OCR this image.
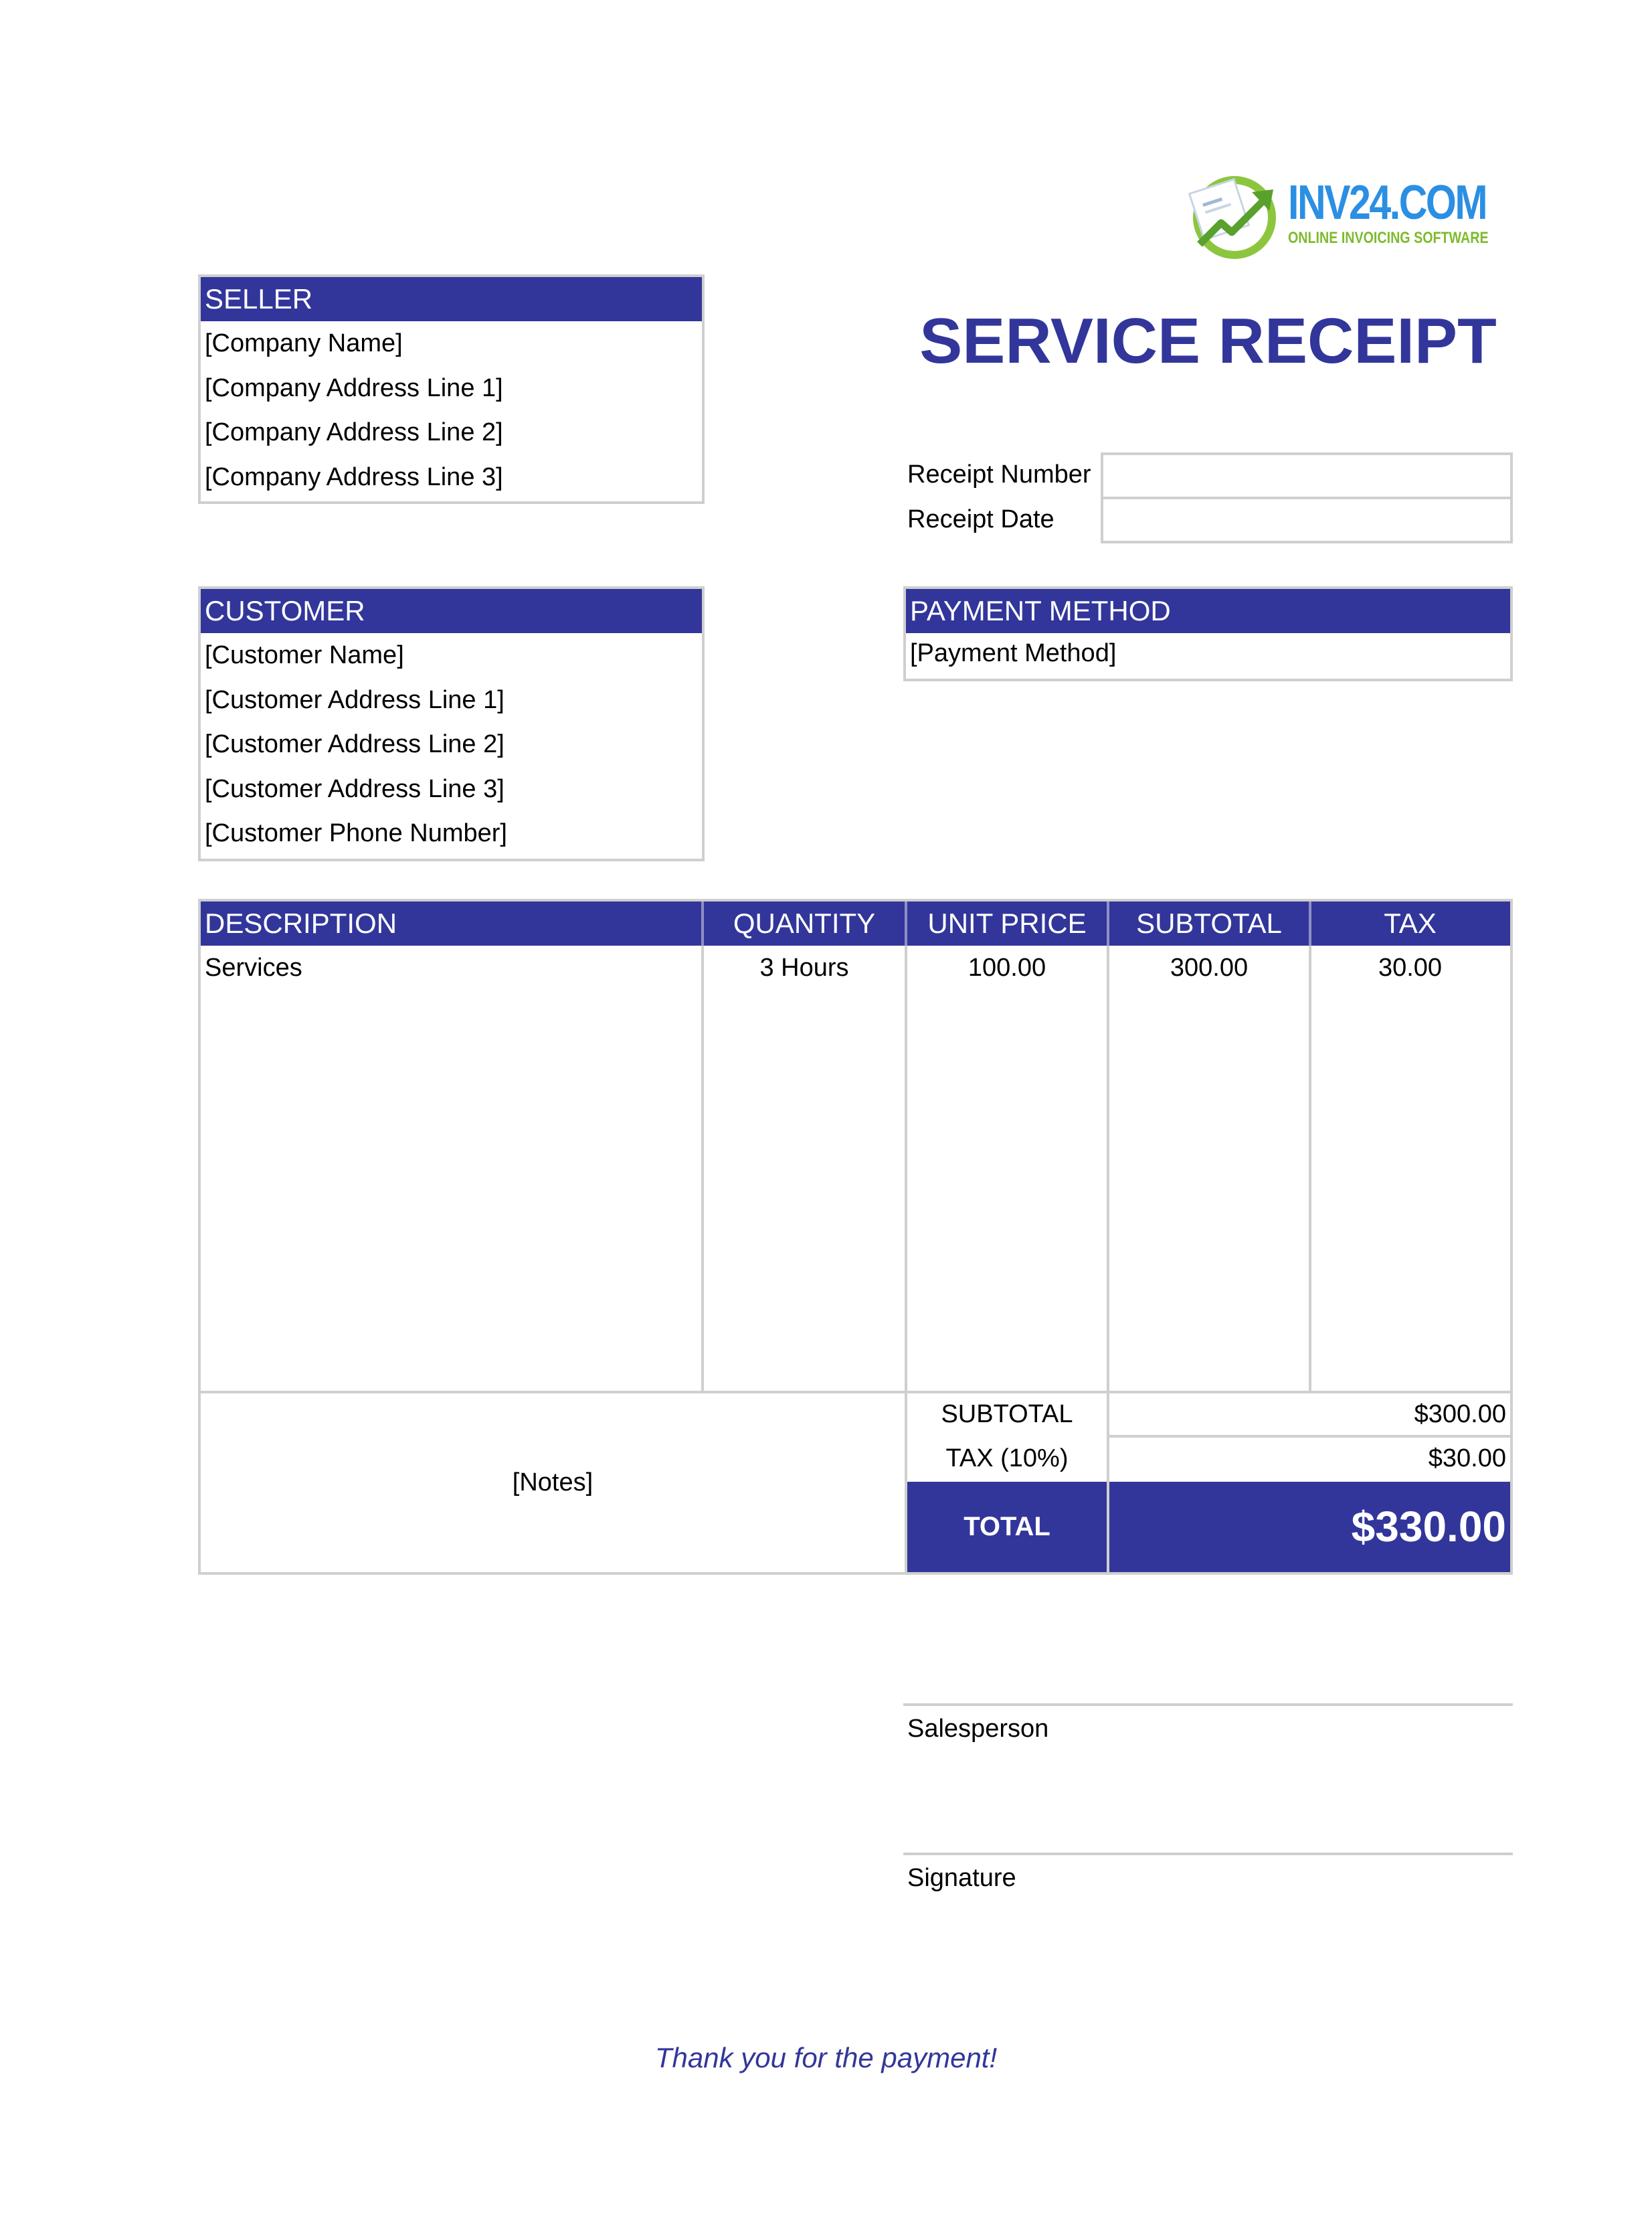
INV24.COM
ONLINE INVOICING SOFTWARE
SERVICE RECEIPT
SELLER
[Company Name]
[Company Address Line 1]
[Company Address Line 2]
[Company Address Line 3]	Receipt Number
Receipt Date
CUSTOMER
[Customer Name]
[Customer Address Line 1]
[Customer Address Line 2]
[Customer Address Line 3]
[Customer Phone Number]
PAYMENT METHOD
[Payment Method]
DESCRIPTION	QUANTITY	UNIT PRICE	SUBTOTAL	TAX
Services	3 Hours	100.00	300.00	30.00
[Notes]
SUBTOTAL	$300.00
TAX (10%)	$30.00
TOTAL	$330.00
Salesperson
Signature
Thank you for the payment!
